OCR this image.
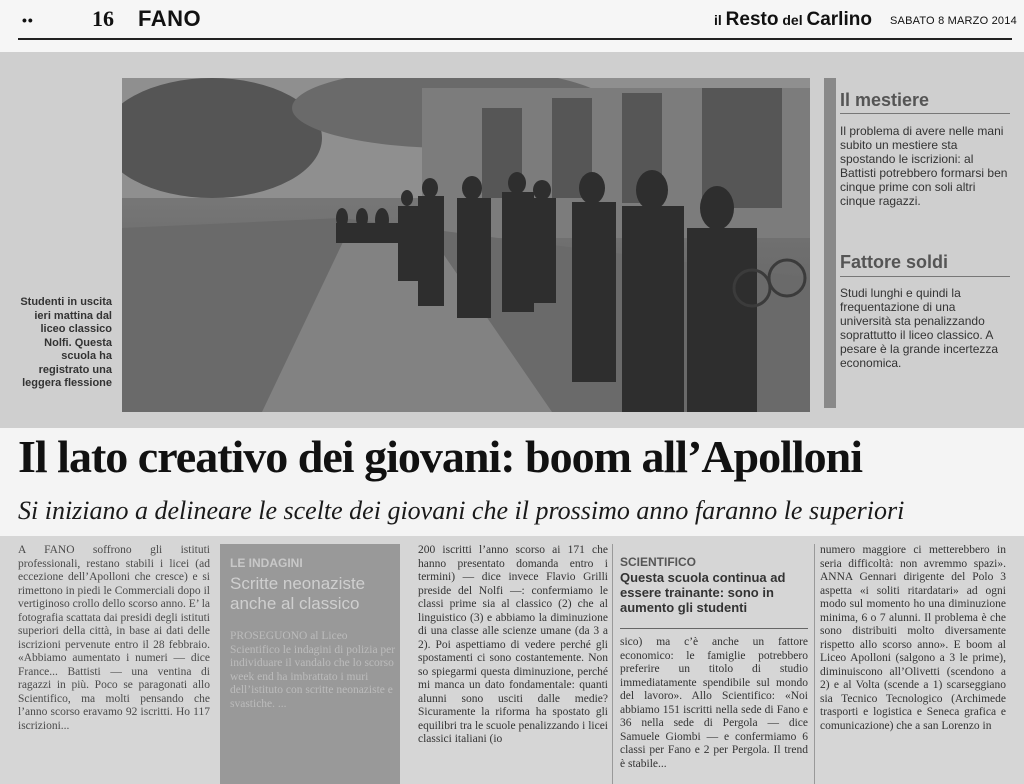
••	16 FANO	il Resto del Carlino SABATO 8 MARZO 2014
Studenti in uscita ieri mattina dal liceo classico Nolfi. Questa scuola ha registrato una leggera flessione
Il mestiere
Il problema di avere nelle mani subito un mestiere sta spostando le iscrizioni: al Battisti potrebbero formarsi ben cinque prime con soli altri cinque ragazzi.
Fattore soldi
Studi lunghi e quindi la frequentazione di una università sta penalizzando soprattutto il liceo classico. A pesare è la grande incertezza economica.
Il lato creativo dei giovani: boom all’Apolloni
Si iniziano a delineare le scelte dei giovani che il prossimo anno faranno le superiori
A FANO soffrono gli istituti professionali, restano stabili i licei (ad eccezione dell’Apolloni che cresce) e si rimettono in piedi le Commerciali dopo il vertiginoso crollo dello scorso anno. E’ la fotografia scattata dai presidi degli istituti superiori della città, in base ai dati delle iscrizioni pervenute entro il 28 febbraio. «Abbiamo aumentato i numeri — dice France... Battisti — una ventina di ragazzi in più. Poco se paragonati allo Scientifico, ma molti pensando che l’anno scorso eravamo 92 iscritti. Ho 117 iscrizioni...
LE INDAGINI
Scritte neonaziste anche al classico
PROSEGUONO al Liceo Scientifico le indagini di polizia per individuare il vandalo che lo scorso week end ha imbrattato i muri dell’istituto con scritte neonaziste e svastiche. ...
200 iscritti l’anno scorso ai 171 che hanno presentato domanda entro i termini) — dice invece Flavio Grilli preside del Nolfi —: confermiamo le classi prime sia al classico (2) che al linguistico (3) e abbiamo la diminuzione di una classe alle scienze umane (da 3 a 2). Poi aspettiamo di vedere perché gli spostamenti ci sono costantemente. Non so spiegarmi questa diminuzione, perché mi manca un dato fondamentale: quanti alunni sono usciti dalle medie? Sicuramente la riforma ha spostato gli equilibri tra le scuole penalizzando i licei classici italiani (io
SCIENTIFICO
Questa scuola continua ad essere trainante: sono in aumento gli studenti
sico) ma c’è anche un fattore economico: le famiglie potrebbero preferire un titolo di studio immediatamente spendibile sul mondo del lavoro». Allo Scientifico: «Noi abbiamo 151 iscritti nella sede di Fano e 36 nella sede di Pergola — dice Samuele Giombi — e confermiamo 6 classi per Fano e 2 per Pergola. Il trend è stabile...
numero maggiore ci metterebbero in seria difficoltà: non avremmo spazi». ANNA Gennari dirigente del Polo 3 aspetta «i soliti ritardatari» ad ogni modo sul momento ho una diminuzione minima, 6 o 7 alunni. Il problema è che sono distribuiti molto diversamente rispetto allo scorso anno». E boom al Liceo Apolloni (salgono a 3 le prime), diminuiscono all’Olivetti (scendono a 2) e al Volta (scende a 1) scarseggiano sia Tecnico Tecnologico (Archimede trasporti e logistica e Seneca grafica e comunicazione) che a san Lorenzo in
